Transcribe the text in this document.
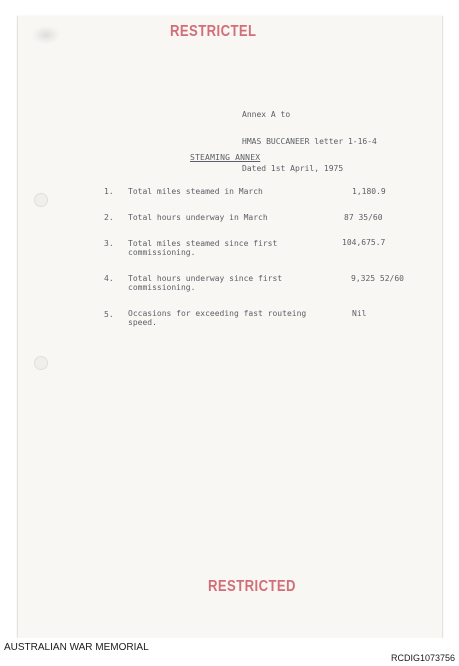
RESTRICTEL

Annex A to

HMAS BUCCANEER letter 1-16-4

Dated 1st April, 1975

STEAMING ANNEX
1. Total miles steamed in March	1,180.9
2. Total hours underway in March	87 35/60
3. Total miles steamed since first
commissioning.
104,675.7
4. Total hours underway since first
commissioning.
9,325 52/60
5. Occasions for exceeding fast routeing
speed.
Nil
RESTRICTED
AUSTRALIAN WAR MEMORIAL
RCDIG1073756
